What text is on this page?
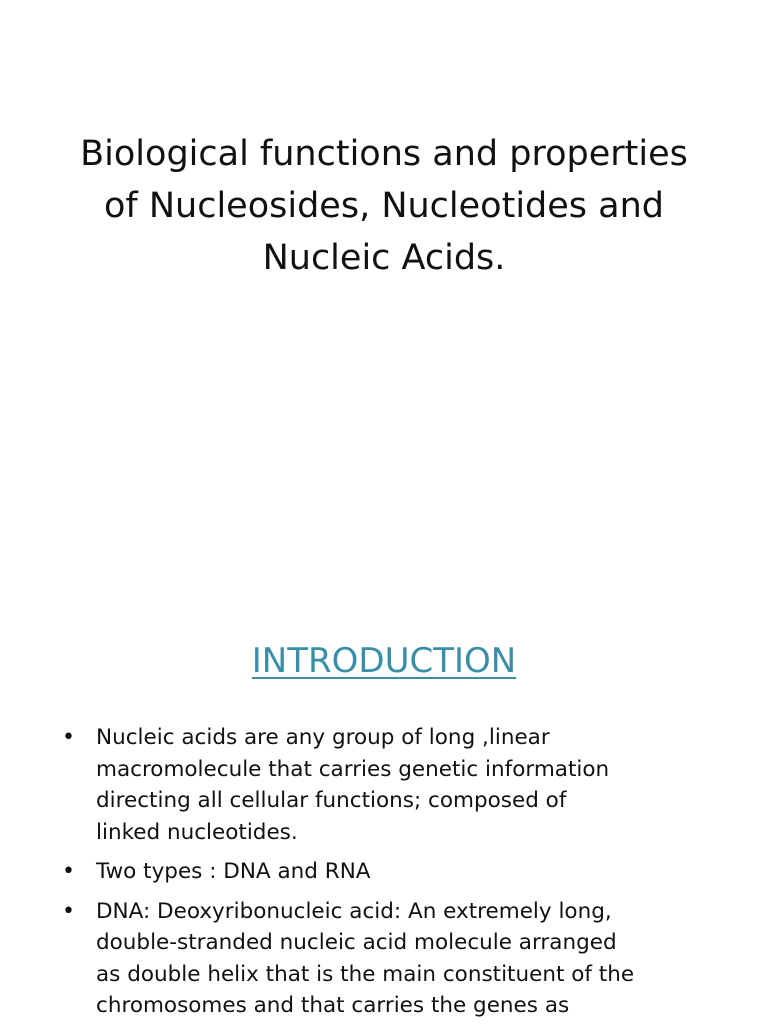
Biological functions and properties
of Nucleosides, Nucleotides and
Nucleic Acids.
INTRODUCTION
• Nucleic acids are any group of long ,linear
macromolecule that carries genetic information
directing all cellular functions; composed of
linked nucleotides.
• Two types : DNA and RNA
• DNA: Deoxyribonucleic acid: An extremely long,
double-stranded nucleic acid molecule arranged
as double helix that is the main constituent of the
chromosomes and that carries the genes as
